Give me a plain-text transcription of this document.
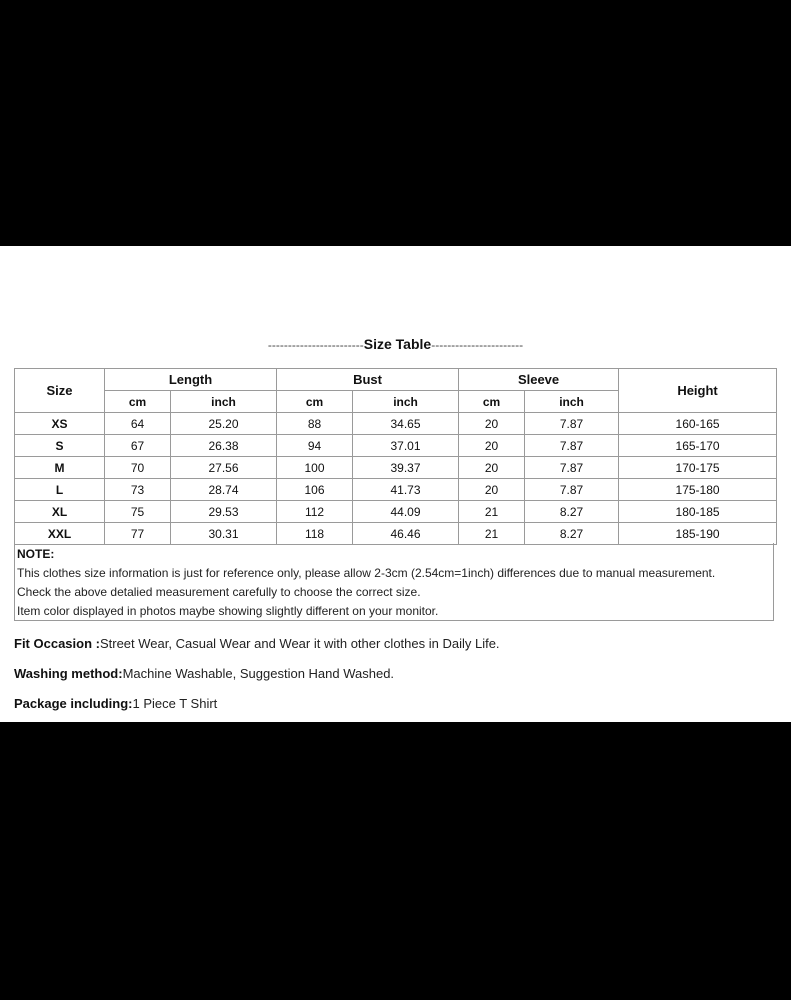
------------------------Size Table-----------------------
Size	Length		Bust		Sleeve		Height
	cm	inch	cm	inch	cm	inch	
XS	64	25.20	88	34.65	20	7.87	160-165
S	67	26.38	94	37.01	20	7.87	165-170
M	70	27.56	100	39.37	20	7.87	170-175
L	73	28.74	106	41.73	20	7.87	175-180
XL	75	29.53	112	44.09	21	8.27	180-185
XXL	77	30.31	118	46.46	21	8.27	185-190
NOTE:
This clothes size information is just for reference only, please allow 2-3cm (2.54cm=1inch) differences due to manual measurement.
Check the above detalied measurement carefully to choose the correct size.
Item color displayed in photos maybe showing slightly different on your monitor.
Fit Occasion :Street Wear, Casual Wear and Wear it with other clothes in Daily Life.
Washing method:Machine Washable, Suggestion Hand Washed.
Package including:1 Piece T Shirt
